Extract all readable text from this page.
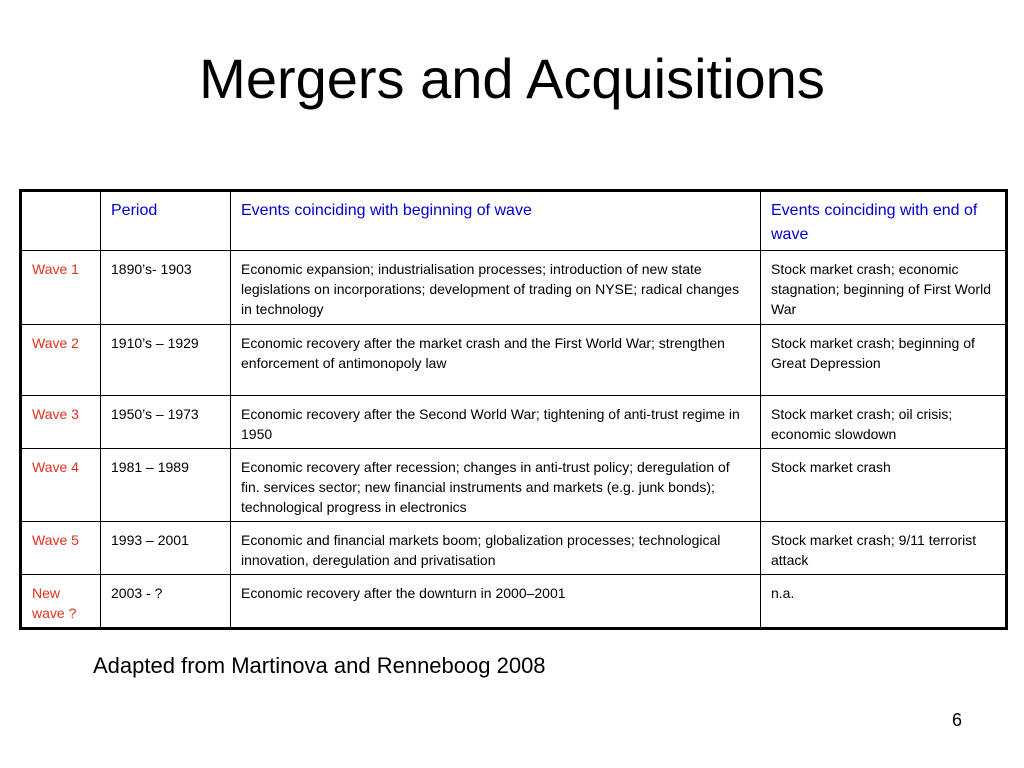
Mergers and Acquisitions
	Period	Events coinciding with beginning of wave	Events coinciding with end of wave
Wave 1	1890’s- 1903	Economic expansion; industrialisation processes; introduction of new state legislations on incorporations; development of trading on NYSE; radical changes in technology	Stock market crash; economic stagnation; beginning of First World War
Wave 2	1910’s – 1929	Economic recovery after the market crash and the First World War; strengthen enforcement of antimonopoly law	Stock market crash; beginning of Great Depression
Wave 3	1950’s – 1973	Economic recovery after the Second World War; tightening of anti-trust regime in 1950	Stock market crash; oil crisis; economic slowdown
Wave 4	1981 – 1989	Economic recovery after recession; changes in anti-trust policy; deregulation of fin. services sector; new financial instruments and markets (e.g. junk bonds); technological progress in electronics	Stock market crash
Wave 5	1993 – 2001	Economic and financial markets boom; globalization processes; technological innovation, deregulation and privatisation	Stock market crash; 9/11 terrorist attack
New wave ?	2003 - ?	Economic recovery after the downturn in 2000–2001	n.a.
Adapted from Martinova and Renneboog 2008
6
